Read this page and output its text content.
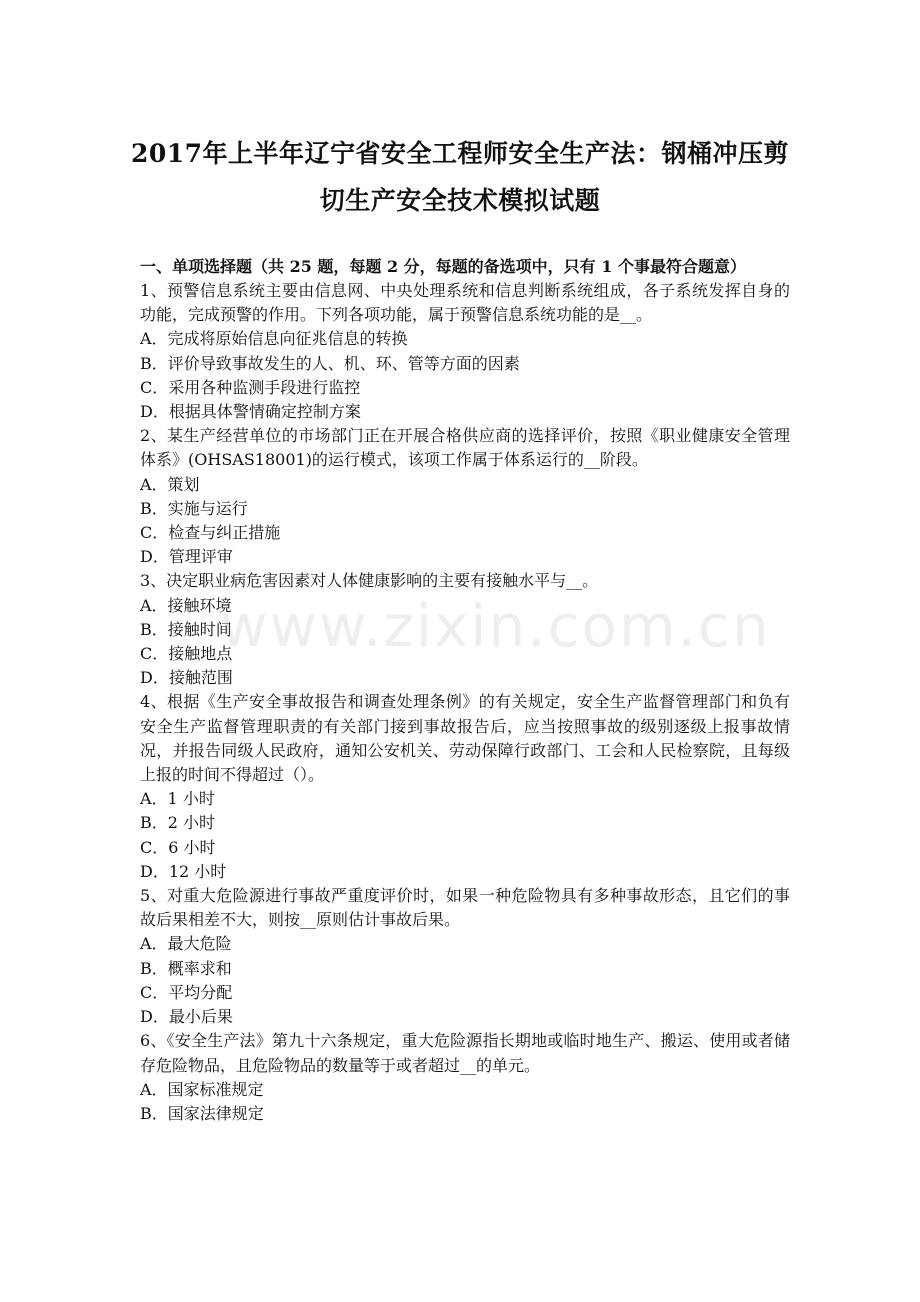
2017年上半年辽宁省安全工程师安全生产法：钢桶冲压剪
切生产安全技术模拟试题

一、单项选择题（共 25 题，每题 2 分，每题的备选项中，只有 1 个事最符合题意）

1、预警信息系统主要由信息网、中央处理系统和信息判断系统组成，各子系统发挥自身的功能，完成预警的作用。下列各项功能，属于预警信息系统功能的是__。

A．完成将原始信息向征兆信息的转换

B．评价导致事故发生的人、机、环、管等方面的因素

C．采用各种监测手段进行监控

D．根据具体警情确定控制方案

2、某生产经营单位的市场部门正在开展合格供应商的选择评价，按照《职业健康安全管理体系》(OHSAS18001)的运行模式，该项工作属于体系运行的__阶段。

A．策划

B．实施与运行

C．检查与纠正措施

D．管理评审

3、决定职业病危害因素对人体健康影响的主要有接触水平与__。

A．接触环境

B．接触时间

C．接触地点

D．接触范围

4、根据《生产安全事故报告和调查处理条例》的有关规定，安全生产监督管理部门和负有安全生产监督管理职责的有关部门接到事故报告后，应当按照事故的级别逐级上报事故情况，并报告同级人民政府，通知公安机关、劳动保障行政部门、工会和人民检察院，且每级上报的时间不得超过（）。

A．1 小时

B．2 小时

C．6 小时

D．12 小时

5、对重大危险源进行事故严重度评价时，如果一种危险物具有多种事故形态，且它们的事故后果相差不大，则按__原则估计事故后果。

A．最大危险

B．概率求和

C．平均分配

D．最小后果

6、《安全生产法》第九十六条规定，重大危险源指长期地或临时地生产、搬运、使用或者储存危险物品，且危险物品的数量等于或者超过__的单元。

A．国家标准规定

B．国家法律规定

www.zixin.com.cn
